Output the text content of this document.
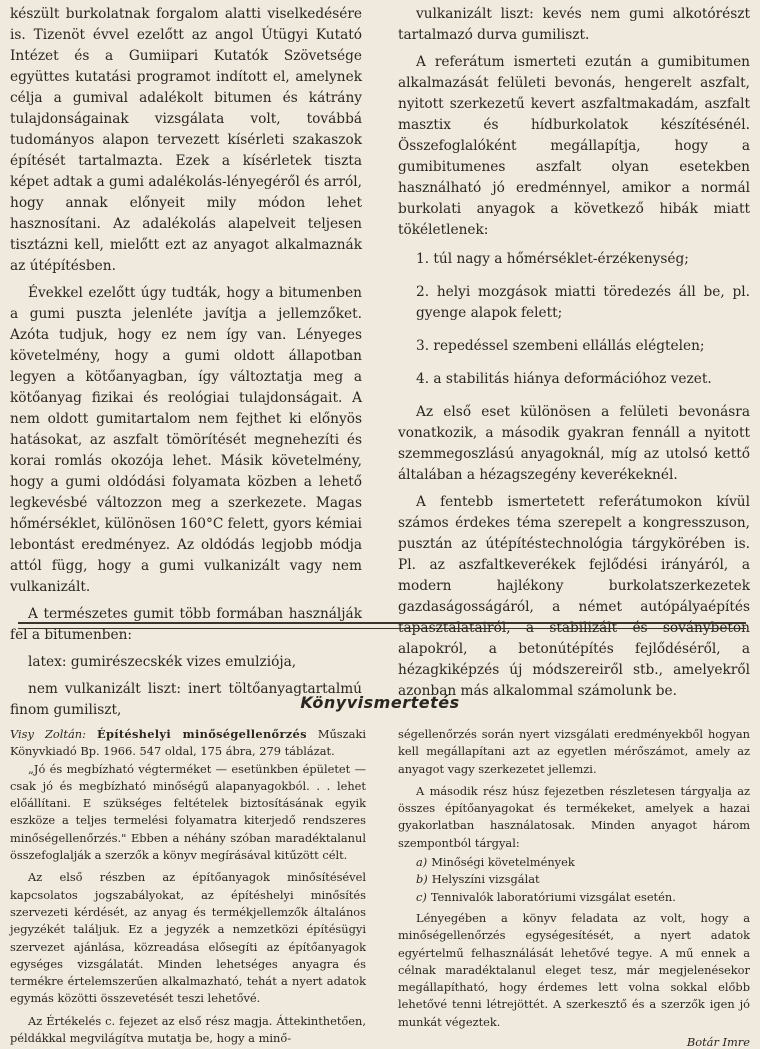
készült burkolatnak forgalom alatti viselkedésére is. Tizenöt évvel ezelőtt az angol Útügyi Kutató Intézet és a Gumiipari Kutatók Szövetsége együttes kutatási programot indított el, amelynek célja a gumival adalékolt bitumen és kátrány tulajdonságainak vizsgálata volt, továbbá tudományos alapon tervezett kísérleti szakaszok építését tartalmazta. Ezek a kísérletek tiszta képet adtak a gumi adalékolás-lényegéről és arról, hogy annak előnyeit mily módon lehet hasznosítani. Az adalékolás alapelveit teljesen tisztázni kell, mielőtt ezt az anyagot alkalmaznák az útépítésben.

Évekkel ezelőtt úgy tudták, hogy a bitumenben a gumi puszta jelenléte javítja a jellemzőket. Azóta tudjuk, hogy ez nem így van. Lényeges követelmény, hogy a gumi oldott állapotban legyen a kötőanyagban, így változtatja meg a kötőanyag fizikai és reológiai tulajdonságait. A nem oldott gumitartalom nem fejthet ki előnyös hatásokat, az aszfalt tömörítését megnehezíti és korai romlás okozója lehet. Másik követelmény, hogy a gumi oldódási folyamata közben a lehető legkevésbé változzon meg a szerkezete. Magas hőmérséklet, különösen 160°C felett, gyors kémiai lebontást eredményez. Az oldódás legjobb módja attól függ, hogy a gumi vulkanizált vagy nem vulkanizált.

A természetes gumit több formában használják fel a bitumenben:

latex: gumirészecskék vizes emulziója,

nem vulkanizált liszt: inert töltőanyagtartalmú finom gumiliszt,

vulkanizált liszt: kevés nem gumi alkotórészt tartalmazó durva gumiliszt.

A referátum ismerteti ezután a gumibitumen alkalmazását felületi bevonás, hengerelt aszfalt, nyitott szerkezetű kevert aszfaltmakadám, aszfalt masztix és hídburkolatok készítésénél. Összefoglalóként megállapítja, hogy a gumibitumenes aszfalt olyan esetekben használható jó eredménnyel, amikor a normál burkolati anyagok a következő hibák miatt tökéletlenek:

1. túl nagy a hőmérséklet-érzékenység;
2. helyi mozgások miatti töredezés áll be, pl. gyenge alapok felett;
3. repedéssel szembeni ellállás elégtelen;
4. a stabilitás hiánya deformációhoz vezet.

Az első eset különösen a felületi bevonásra vonatkozik, a második gyakran fennáll a nyitott szemmegoszlású anyagoknál, míg az utolsó kettő általában a hézagszegény keverékeknél.

A fentebb ismertetett referátumokon kívül számos érdekes téma szerepelt a kongresszuson, pusztán az útépítéstechnológia tárgykörében is. Pl. az aszfaltkeverékek fejlődési irányáról, a modern hajlékony burkolatszerkezetek gazdaságosságáról, a német autópályaépítés tapasztalatairól, a stabilizált és soványbeton alapokról, a betonútépítés fejlődéséről, a hézagkiképzés új módszereiről stb., amelyekről azonban más alkalommal számolunk be.

Könyvismertetés

Visy Zoltán: Építéshelyi minőségellenőrzés Műszaki Könyvkiadó Bp. 1966. 547 oldal, 175 ábra, 279 táblázat.

„Jó és megbízható végterméket — esetünkben épületet — csak jó és megbízható minőségű alapanyagokból. . . lehet előállítani. E szükséges feltételek biztosításának egyik eszköze a teljes termelési folyamatra kiterjedő rendszeres minőségellenőrzés." Ebben a néhány szóban maradéktalanul összefoglalják a szerzők a könyv megírásával kitűzött célt.

Az első részben az építőanyagok minősítésével kapcsolatos jogszabályokat, az építéshelyi minősítés szervezeti kérdését, az anyag és termékjellemzők általános jegyzékét találjuk. Ez a jegyzék a nemzetközi építésügyi szervezet ajánlása, közreadása elősegíti az építőanyagok egységes vizsgálatát. Minden lehetséges anyagra és termékre értelemszerűen alkalmazható, tehát a nyert adatok egymás közötti összevetését teszi lehetővé.

Az Értékelés c. fejezet az első rész magja. Áttekinthetően, példákkal megvilágítva mutatja be, hogy a minő-

ségellenőrzés során nyert vizsgálati eredményekből hogyan kell megállapítani azt az egyetlen mérőszámot, amely az anyagot vagy szerkezetet jellemzi.

A második rész húsz fejezetben részletesen tárgyalja az összes építőanyagokat és termékeket, amelyek a hazai gyakorlatban használatosak. Minden anyagot három szempontból tárgyal:

a) Minőségi követelmények
b) Helyszíni vizsgálat
c) Tennivalók laboratóriumi vizsgálat esetén.

Lényegében a könyv feladata az volt, hogy a minőségellenőrzés egységesítését, a nyert adatok egyértelmű felhasználását lehetővé tegye. A mű ennek a célnak maradéktalanul eleget tesz, már megjelenésekor megállapítható, hogy érdemes lett volna sokkal előbb lehetővé tenni létrejöttét. A szerkesztő és a szerzők igen jó munkát végeztek.

Botár Imre
